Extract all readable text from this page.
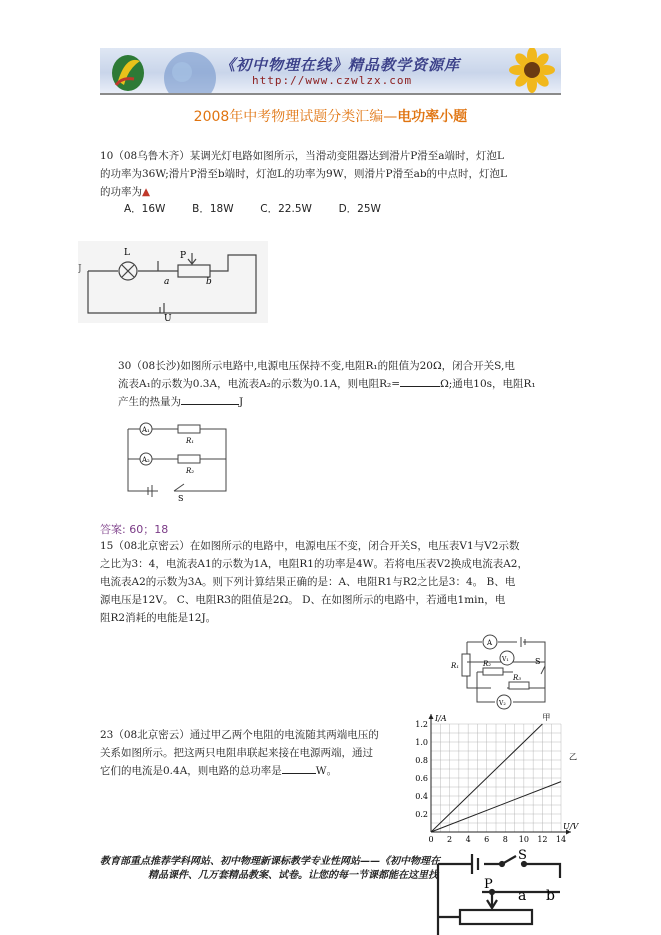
《初中物理在线》精品教学资源库
http://www.czwlzx.com
2008年中考物理试题分类汇编—电功率小题
10（08乌鲁木齐）某调光灯电路如图所示，当滑动变阻器达到滑片P滑至a端时，灯泡L
的功率为36W;滑片P滑至b端时，灯泡L的功率为9W，则滑片P滑至ab的中点时，灯泡L
的功率为▲
A．16W	B．18W	C．22.5W	D．25W
L	P
a	b
U
J
30（08长沙)如图所示电路中,电源电压保持不变,电阻R₁的阻值为20Ω，闭合开关S,电
流表A₁的示数为0.3A，电流表A₂的示数为0.1A，则电阻R₂=	Ω;通电10s，电阻R₁
产生的热量为	J
A₁
A₂
R₁
R₂
S
答案: 60；18
15（08北京密云）在如图所示的电路中，电源电压不变，闭合开关S，电压表V1与V2示数
之比为3：4，电流表A1的示数为1A，电阻R1的功率是4W。若将电压表V2换成电流表A2，
电流表A2的示数为3A。则下列计算结果正确的是：A、电阻R1与R2之比是3：4。 B、电
源电压是12V。 C、电阻R3的阻值是2Ω。 D、在如图所示的电路中，若通电1min，电
阻R2消耗的电能是12J。
A
V₁
V₂
R₁	R₂
R₃
S
23（08北京密云）通过甲乙两个电阻的电流随其两端电压的
关系如图所示。把这两只电阻串联起来接在电源两端，通过
它们的电流是0.4A，则电路的总功率是	W。
0 2 4 6 8 10 12 14
0.2
0.4
0.6
0.8
1.0
1.2
U/V
I/A	甲
乙
教育部重点推荐学科网站、初中物理新课标教学专业性网站——《初中物理在
精品课件、几万套精品教案、试卷。让您的每一节课都能在这里找
S
P
a b
